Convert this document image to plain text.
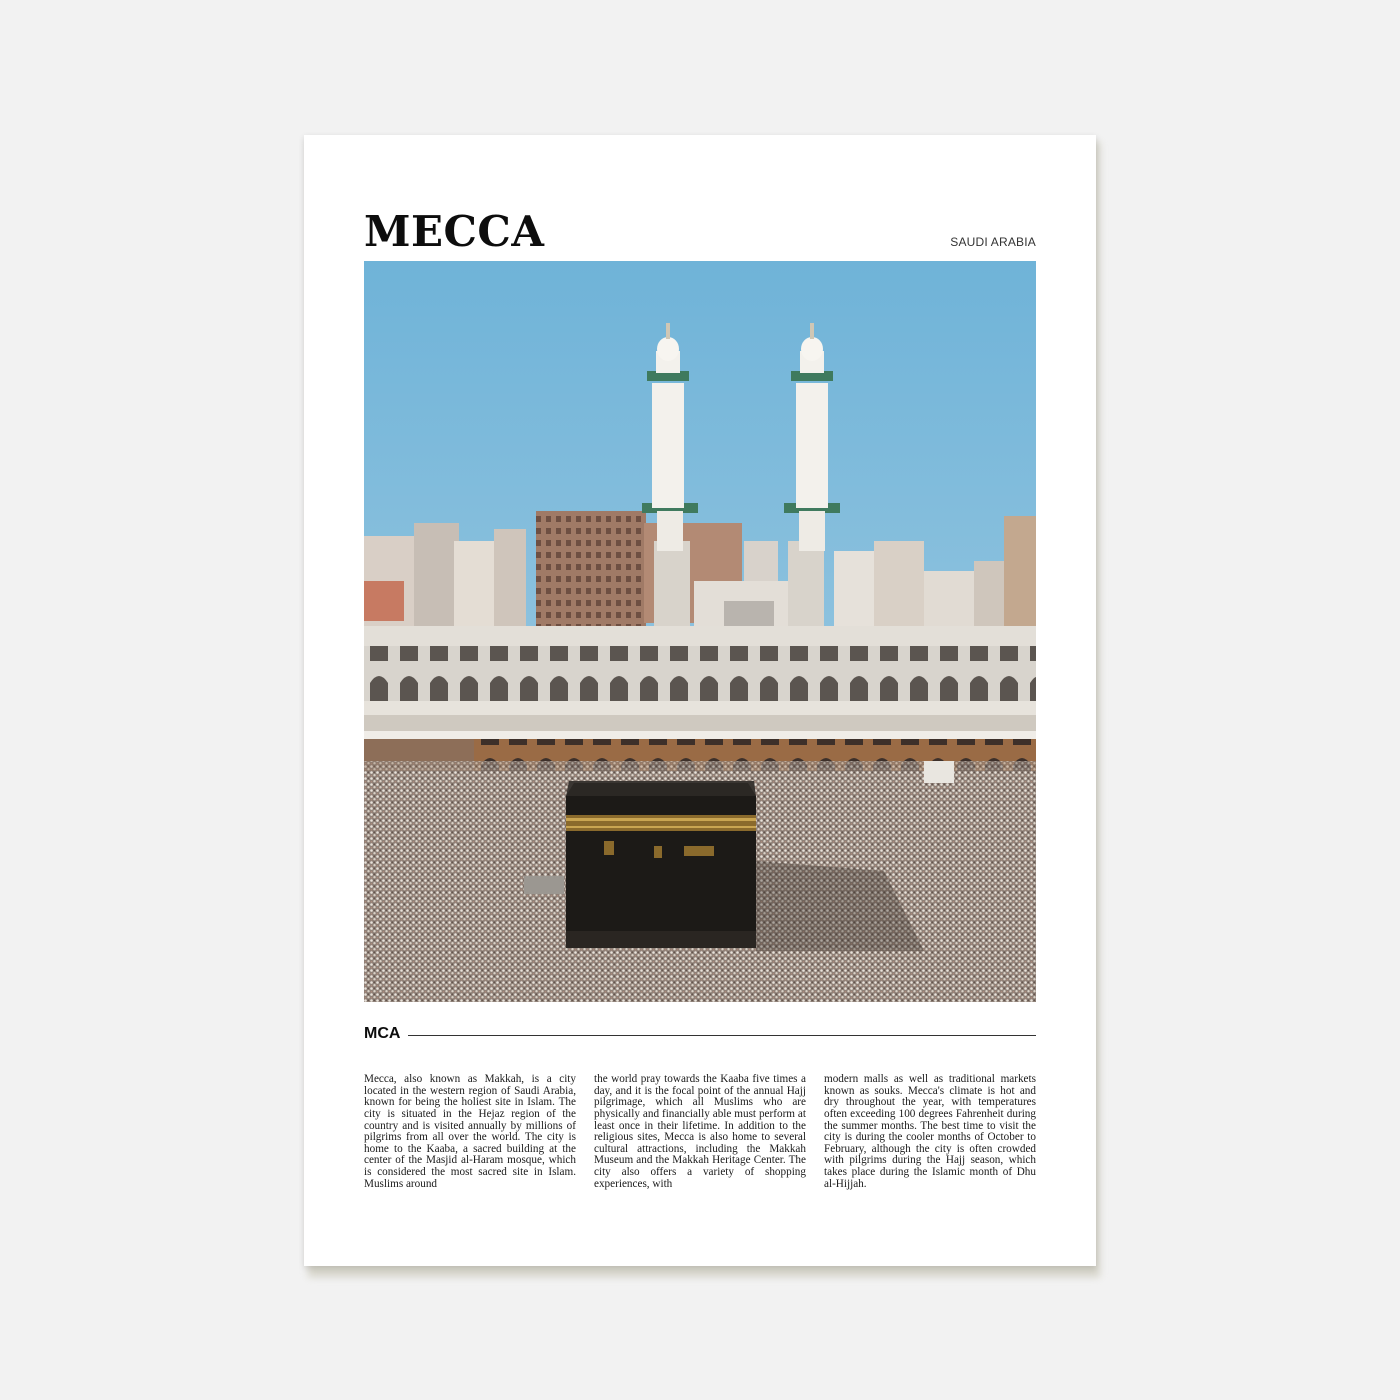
MECCA	SAUDI ARABIA
MCA

Mecca, also known as Makkah, is a city located in the western region of Saudi Arabia, known for being the holiest site in Islam. The city is situated in the Hejaz region of the country and is visited annually by millions of pilgrims from all over the world. The city is home to the Kaaba, a sacred building at the center of the Masjid al-Haram mosque, which is considered the most sacred site in Islam. Muslims around

the world pray towards the Kaaba five times a day, and it is the focal point of the annual Hajj pilgrimage, which all Muslims who are physically and financially able must perform at least once in their lifetime. In addition to the religious sites, Mecca is also home to several cultural attractions, including the Makkah Museum and the Makkah Heritage Center. The city also offers a variety of shopping experiences, with

modern malls as well as traditional markets known as souks. Mecca's climate is hot and dry throughout the year, with temperatures often exceeding 100 degrees Fahrenheit during the summer months. The best time to visit the city is during the cooler months of October to February, although the city is often crowded with pilgrims during the Hajj season, which takes place during the Islamic month of Dhu al-Hijjah.
